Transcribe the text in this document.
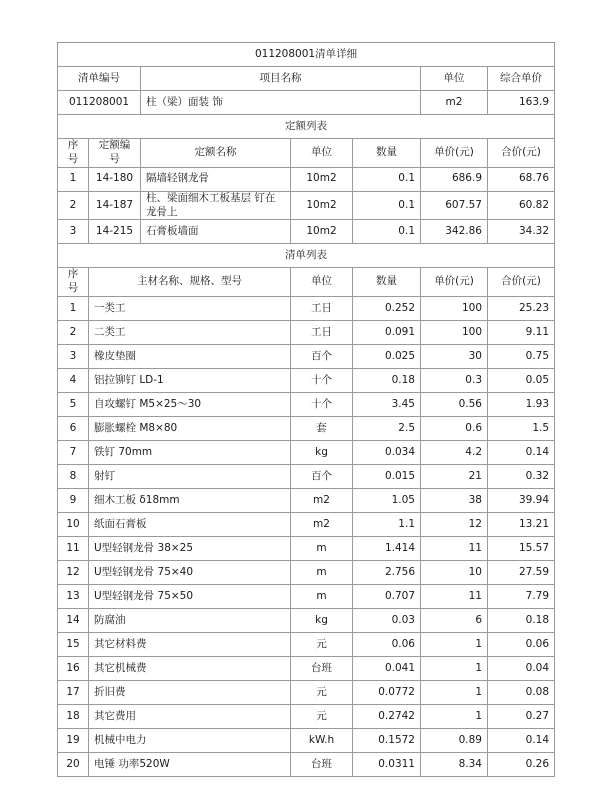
011208001清单详细						
清单编号		项目名称			单位	综合单价
011208001		柱（梁）面装 饰			m2	163.9
定额列表						
序号	定额编号	定额名称	单位	数量	单价(元)	合价(元)
1	14-180	隔墙轻钢龙骨	10m2	0.1	686.9	68.76
2	14-187	柱、梁面细木工板基层 钉在龙骨上	10m2	0.1	607.57	60.82
3	14-215	石膏板墙面	10m2	0.1	342.86	34.32
清单列表						
序号	主材名称、规格、型号		单位	数量	单价(元)	合价(元)
1	一类工		工日	0.252	100	25.23
2	二类工		工日	0.091	100	9.11
3	橡皮垫圈		百个	0.025	30	0.75
4	铝拉铆钉 LD-1		十个	0.18	0.3	0.05
5	自攻螺钉 M5×25〜30		十个	3.45	0.56	1.93
6	膨胀螺栓 M8×80		套	2.5	0.6	1.5
7	铁钉 70mm		kg	0.034	4.2	0.14
8	射钉		百个	0.015	21	0.32
9	细木工板 δ18mm		m2	1.05	38	39.94
10	纸面石膏板		m2	1.1	12	13.21
11	U型轻钢龙骨 38×25		m	1.414	11	15.57
12	U型轻钢龙骨 75×40		m	2.756	10	27.59
13	U型轻钢龙骨 75×50		m	0.707	11	7.79
14	防腐油		kg	0.03	6	0.18
15	其它材料费		元	0.06	1	0.06
16	其它机械费		台班	0.041	1	0.04
17	折旧费		元	0.0772	1	0.08
18	其它费用		元	0.2742	1	0.27
19	机械中电力		kW.h	0.1572	0.89	0.14
20	电锤 功率520W		台班	0.0311	8.34	0.26
